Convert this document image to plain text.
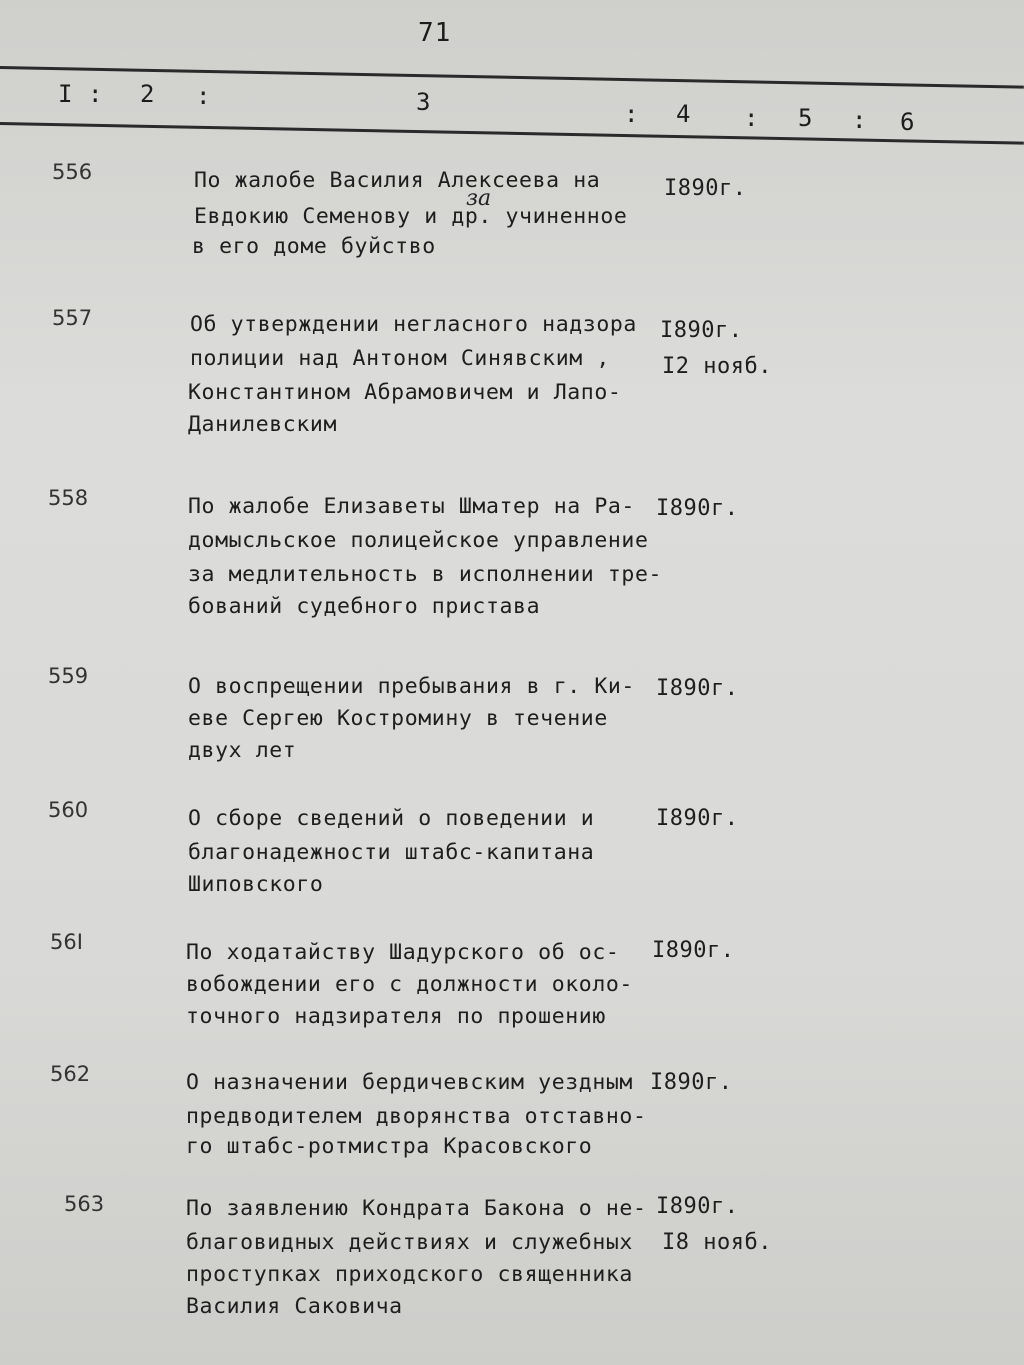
71
I : 2 :	3	: 4 : 5 : 6
556	По жалобе Василия Алексеева на
Евдокию Семенову и др. учиненное
в его доме буйство
за	I890г.
557	Об утверждении негласного надзора
полиции над Антоном Синявским ,
Константином Абрамовичем и Лапо-
Данилевским
I890г.
I2 нояб.
558	По жалобе Елизаветы Шматер на Ра-
домысльское полицейское управление
за медлительность в исполнении тре-
бований судебного пристава
I890г.
559	О воспрещении пребывания в г. Ки-
еве Сергею Костромину в течение
двух лет
I890г.
560	О сборе сведений о поведении и
благонадежности штабс-капитана
Шиповского
I890г.
56I	По ходатайству Шадурского об ос-
вобождении его с должности около-
точного надзирателя по прошению
I890г.
562	О назначении бердичевским уездным
предводителем дворянства отставно-
го штабс-ротмистра Красовского
I890г.
563	По заявлению Кондрата Бакона о не-
благовидных действиях и служебных
проступках приходского священника
Василия Саковича
I890г.
I8 нояб.
